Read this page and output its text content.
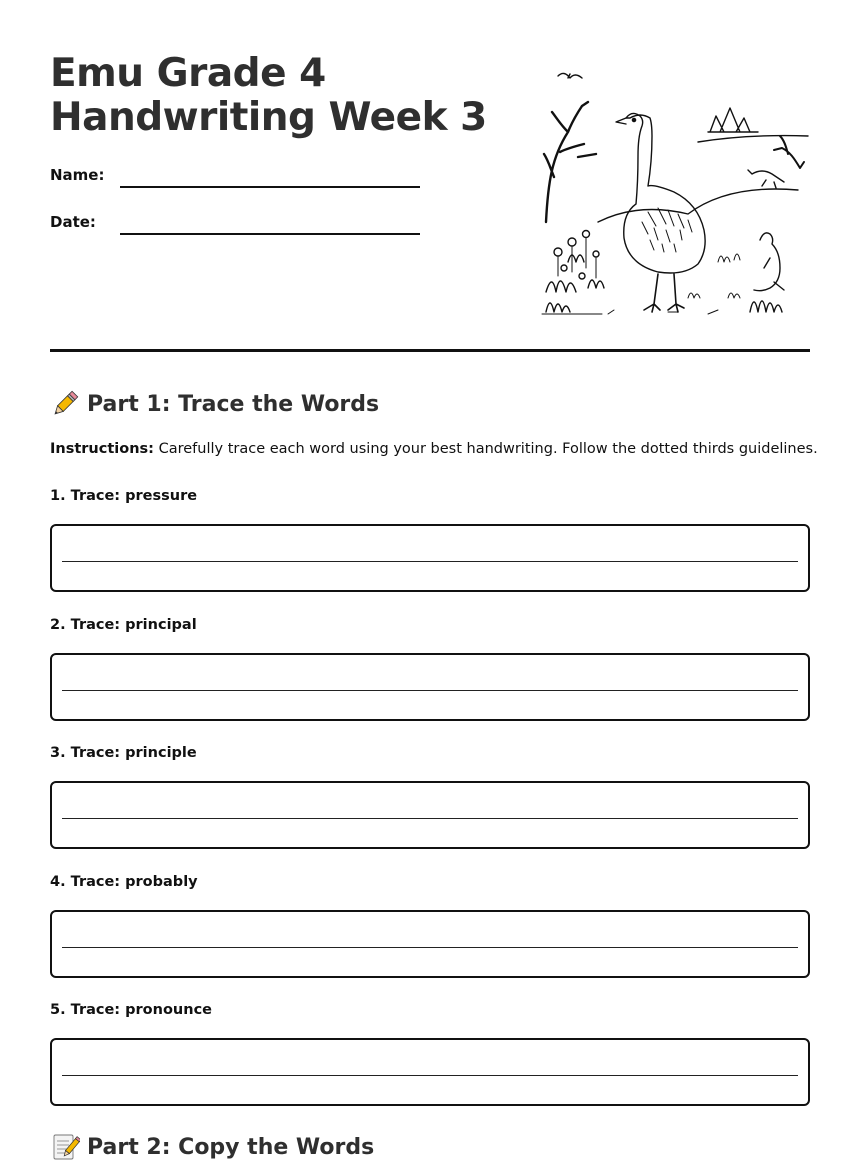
Emu Grade 4
Handwriting Week 3
Name:
Date:
Part 1: Trace the Words
Instructions: Carefully trace each word using your best handwriting. Follow the dotted thirds guidelines.
1. Trace: pressure
2. Trace: principal
3. Trace: principle
4. Trace: probably
5. Trace: pronounce
Part 2: Copy the Words
